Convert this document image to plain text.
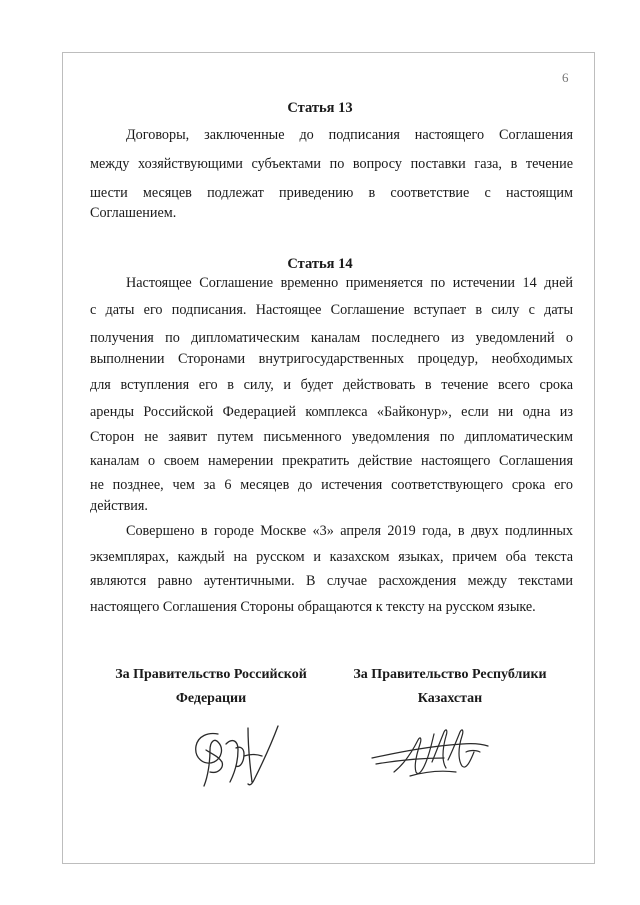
6
Статья 13
Договоры, заключенные до подписания настоящего Соглашения
между хозяйствующими субъектами по вопросу поставки газа, в течение
шести месяцев подлежат приведению в соответствие с настоящим
Соглашением.
Статья 14
Настоящее Соглашение временно применяется по истечении 14 дней
с даты его подписания. Настоящее Соглашение вступает в силу с даты
получения по дипломатическим каналам последнего из уведомлений о
выполнении Сторонами внутригосударственных процедур, необходимых
для вступления его в силу, и будет действовать в течение всего срока
аренды Российской Федерацией комплекса «Байконур», если ни одна из
Сторон не заявит путем письменного уведомления по дипломатическим
каналам о своем намерении прекратить действие настоящего Соглашения
не позднее, чем за 6 месяцев до истечения соответствующего срока его
действия.
Совершено в городе Москве «3» апреля 2019 года, в двух подлинных
экземплярах, каждый на русском и казахском языках, причем оба текста
являются равно аутентичными. В случае расхождения между текстами
настоящего Соглашения Стороны обращаются к тексту на русском языке.
За Правительство Российской
Федерации
За Правительство Республики
Казахстан
